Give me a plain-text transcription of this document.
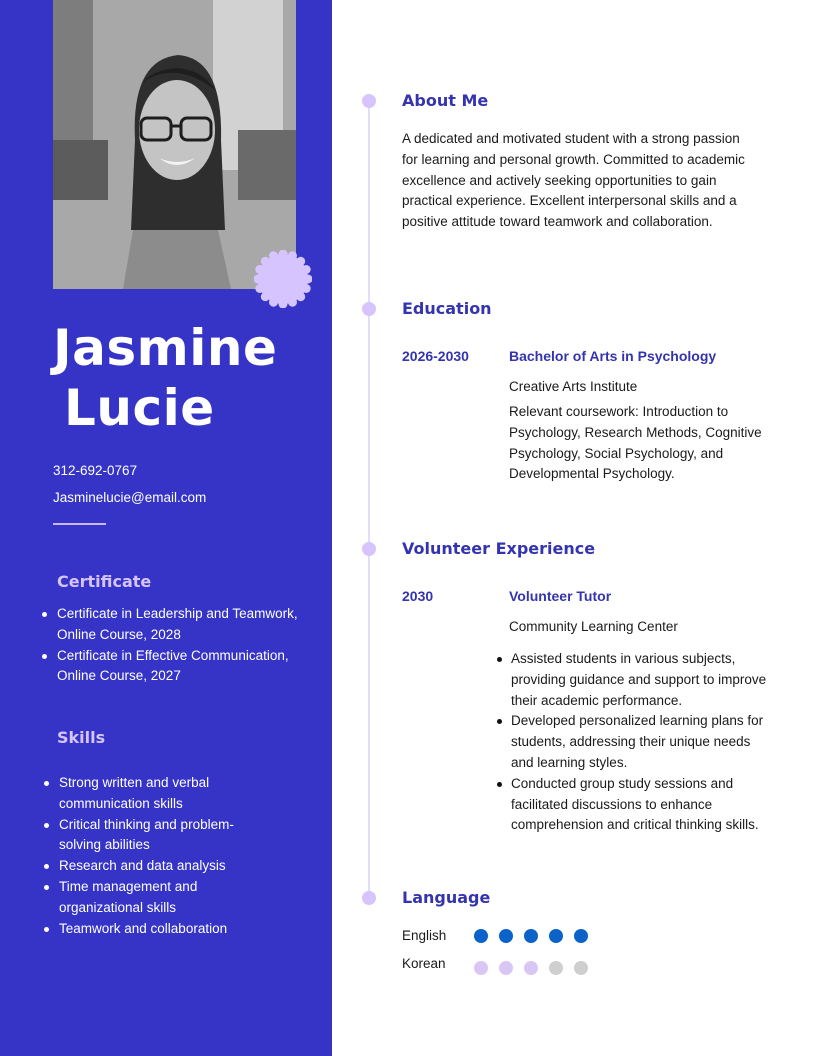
Jasmine
Lucie
312-692-0767
Jasminelucie@email.com
Certificate
Certificate in Leadership and Teamwork, Online Course, 2028
Certificate in Effective Communication, Online Course, 2027
Skills
Strong written and verbal communication skills
Critical thinking and problem-solving abilities
Research and data analysis
Time management and organizational skills
Teamwork and collaboration
About Me
A dedicated and motivated student with a strong passion for learning and personal growth. Committed to academic excellence and actively seeking opportunities to gain practical experience. Excellent interpersonal skills and a positive attitude toward teamwork and collaboration.
Education
2026-2030	Bachelor of Arts in Psychology
Creative Arts Institute
Relevant coursework: Introduction to Psychology, Research Methods, Cognitive Psychology, Social Psychology, and Developmental Psychology.
Volunteer Experience
2030	Volunteer Tutor
Community Learning Center
Assisted students in various subjects, providing guidance and support to improve their academic performance.
Developed personalized learning plans for students, addressing their unique needs and learning styles.
Conducted group study sessions and facilitated discussions to enhance comprehension and critical thinking skills.
Language
English
Korean
